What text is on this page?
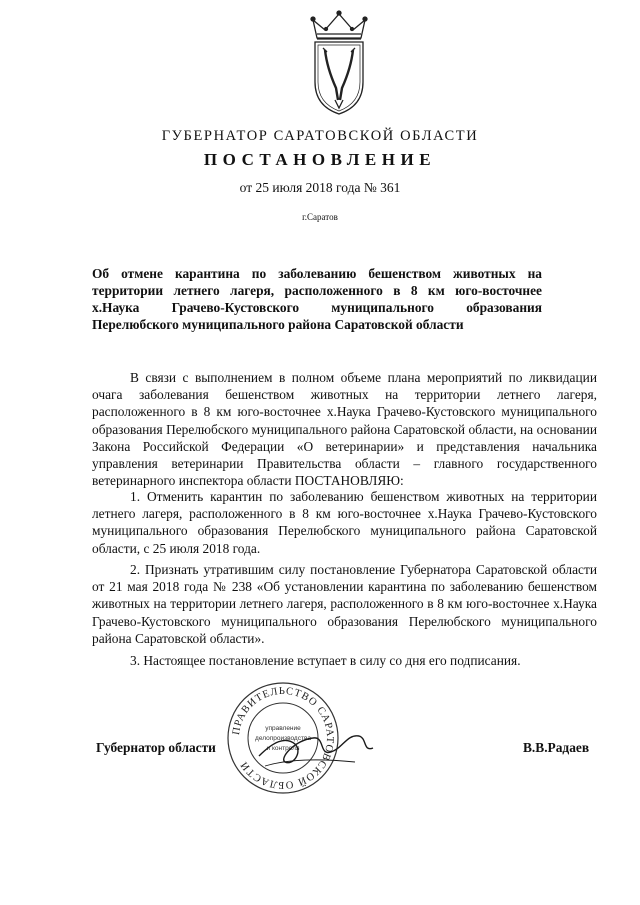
ГУБЕРНАТОР САРАТОВСКОЙ ОБЛАСТИ
ПОСТАНОВЛЕНИЕ
от 25 июля 2018 года № 361
г.Саратов
Об отмене карантина по заболеванию бешенством животных на территории летнего лагеря, расположенного в 8 км юго-восточнее х.Наука Грачево-Кустовского муниципального образования Перелюбского муниципального района Саратовской области
В связи с выполнением в полном объеме плана мероприятий по ликвидации очага заболевания бешенством животных на территории летнего лагеря, расположенного в 8 км юго-восточнее х.Наука Грачево-Кустовского муниципального образования Перелюбского муниципального района Саратовской области, на основании Закона Российской Федерации «О ветеринарии» и представления начальника управления ветеринарии Правительства области – главного государственного ветеринарного инспектора области ПОСТАНОВЛЯЮ:
1. Отменить карантин по заболеванию бешенством животных на территории летнего лагеря, расположенного в 8 км юго-восточнее х.Наука Грачево-Кустовского муниципального образования Перелюбского муниципального района Саратовской области, с 25 июля 2018 года.
2. Признать утратившим силу постановление Губернатора Саратовской области от 21 мая 2018 года № 238 «Об установлении карантина по заболеванию бешенством животных на территории летнего лагеря, расположенного в 8 км юго-восточнее х.Наука Грачево-Кустовского муниципального образования Перелюбского муниципального района Саратовской области».
3. Настоящее постановление вступает в силу со дня его подписания.
Губернатор области	В.В.Радаев
ПРАВИТЕЛЬСТВО САРАТОВСКОЙ ОБЛАСТИ
управление
делопроизводства
и контроля
